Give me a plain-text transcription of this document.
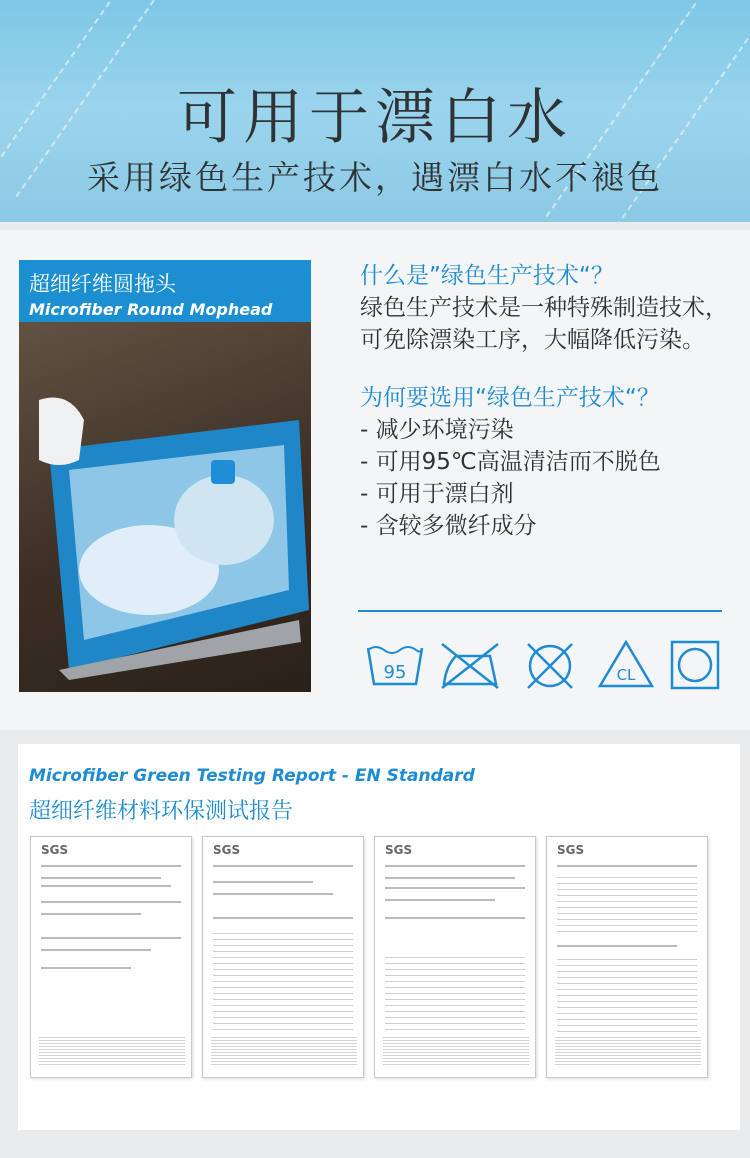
可用于漂白水
采用绿色生产技术，遇漂白水不褪色
超细纤维圆拖头
Microfiber Round Mophead
什么是”绿色生产技术“？
绿色生产技术是一种特殊制造技术，可免除漂染工序，大幅降低污染。
为何要选用“绿色生产技术“？
- 减少环境污染
- 可用95℃高温清洁而不脱色
- 可用于漂白剂
- 含较多微纤成分
95	CL
Microfiber Green Testing Report - EN Standard
超细纤维材料环保测试报告
SGS	SGS	SGS	SGS
